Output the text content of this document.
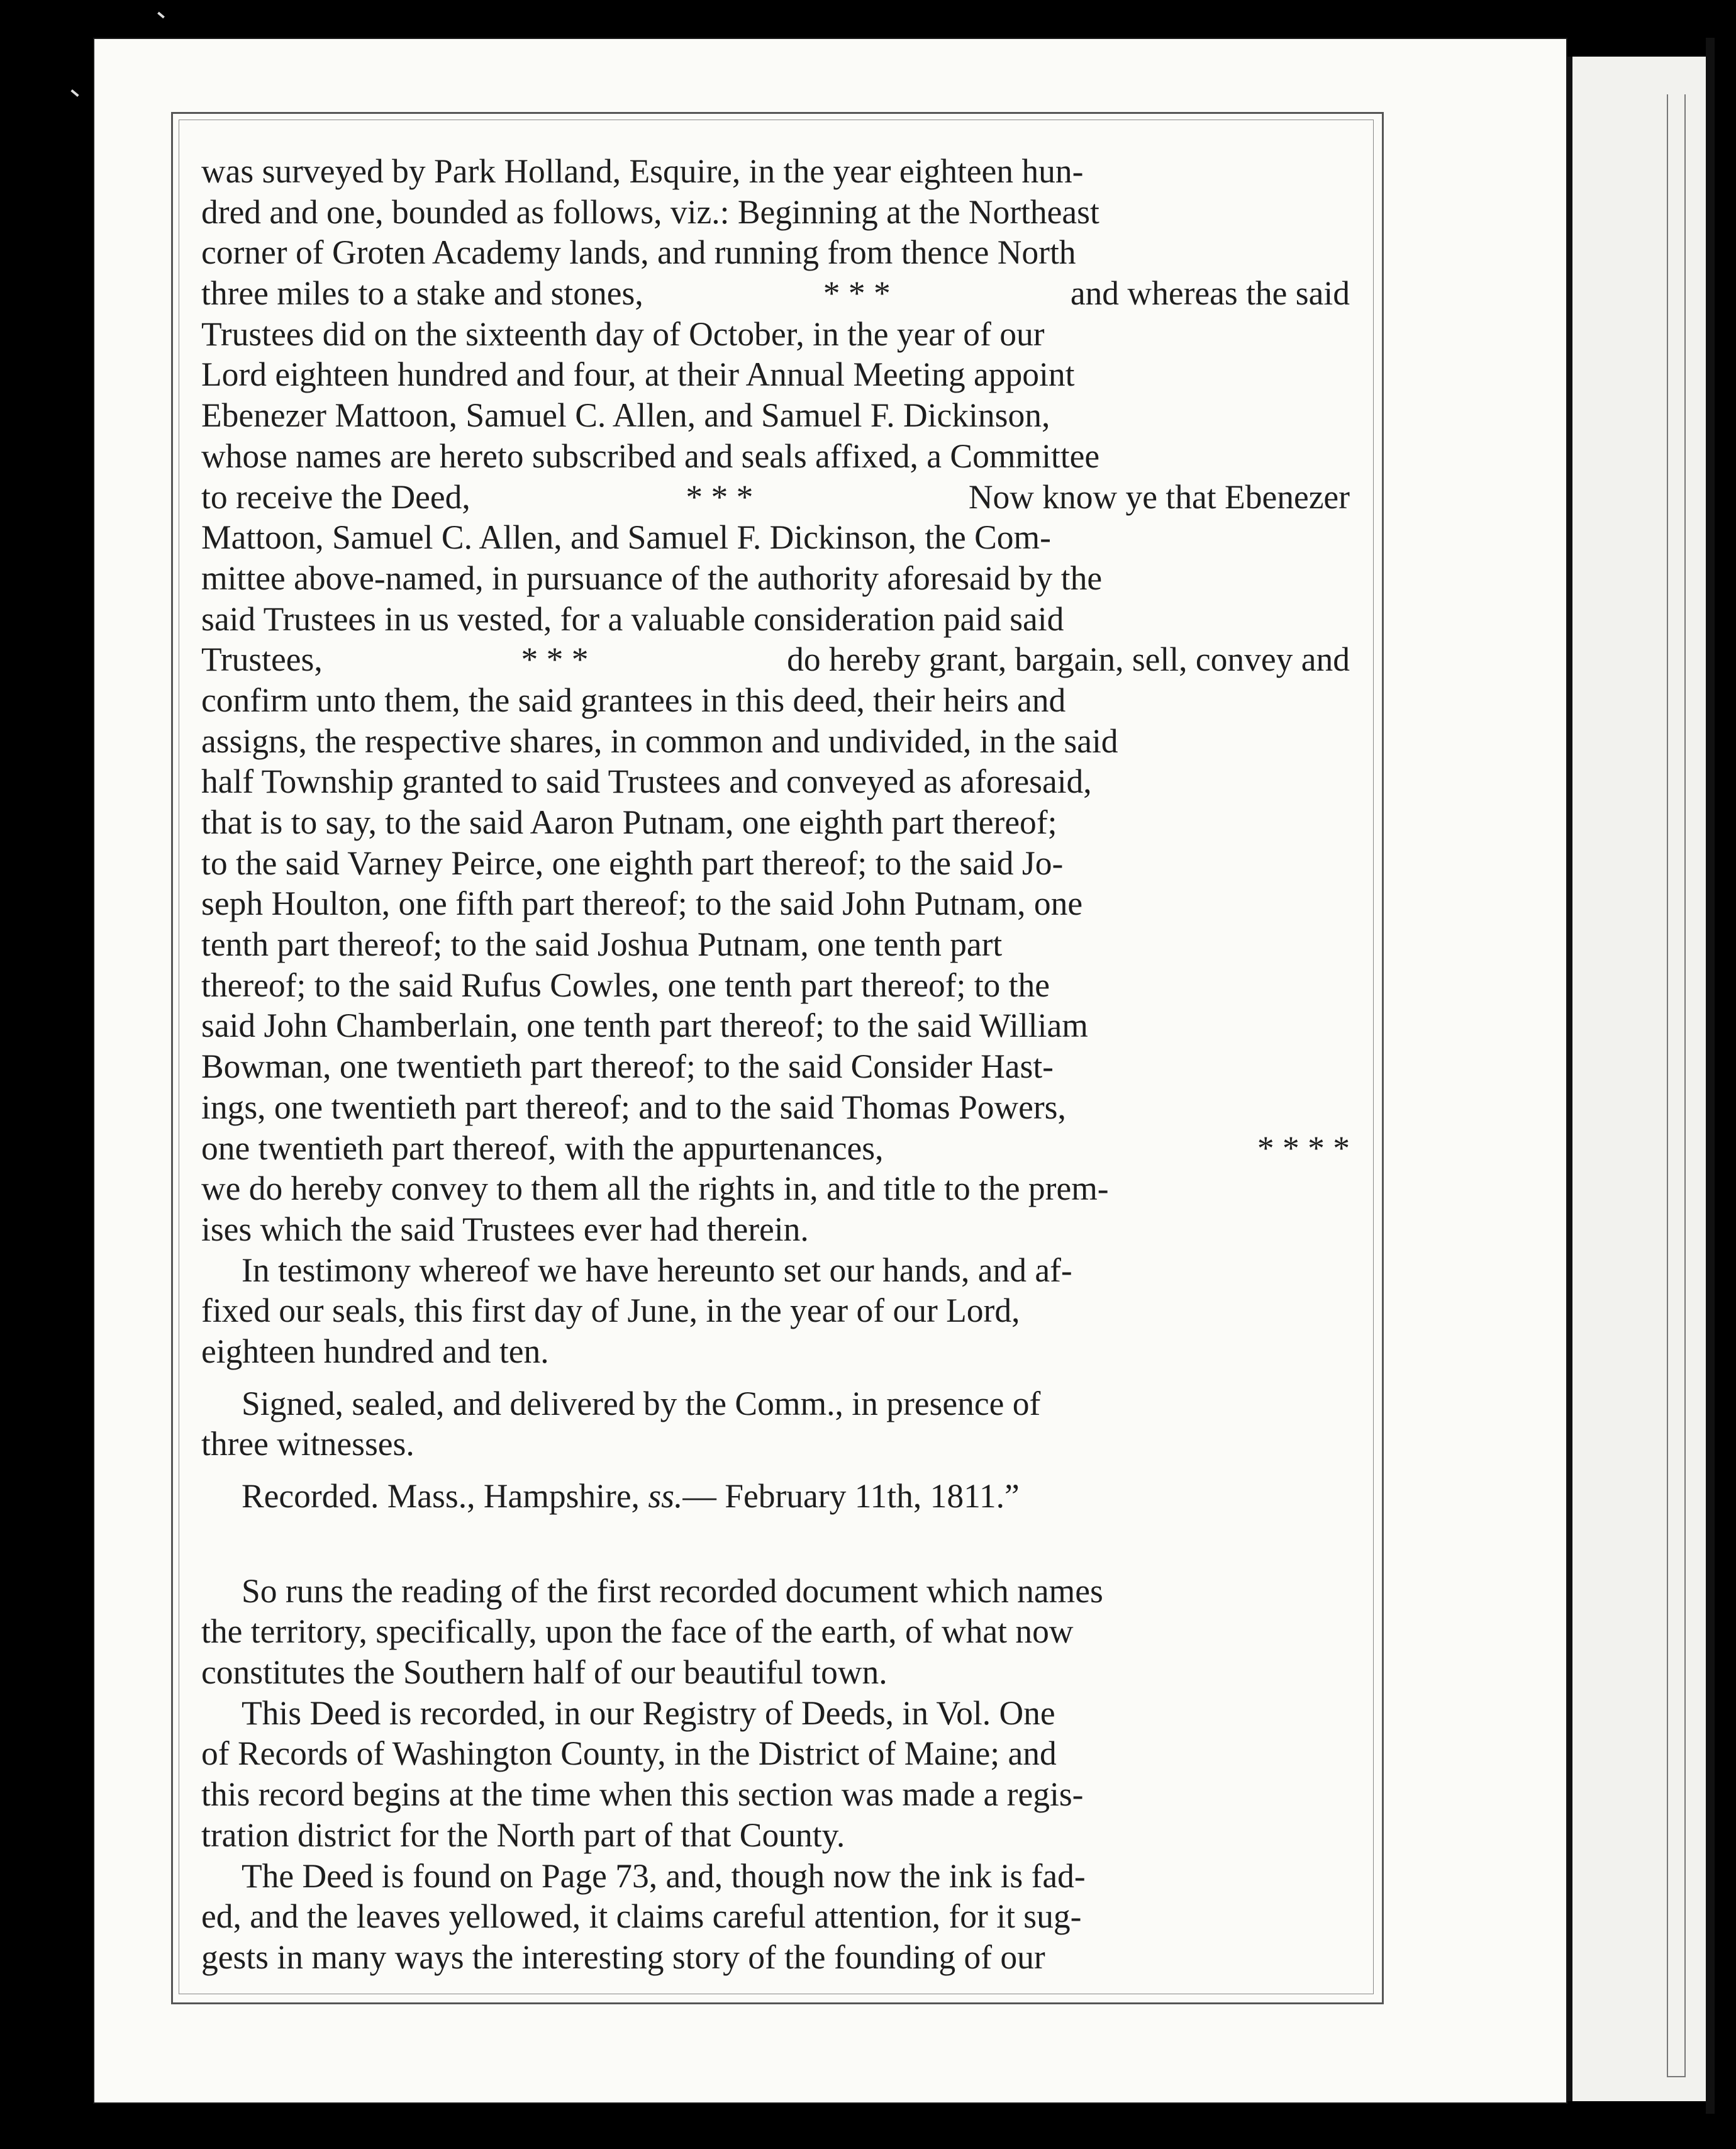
was surveyed by Park Holland, Esquire, in the year eighteen hun-
dred and one, bounded as follows, viz.: Beginning at the Northeast
corner of Groten Academy lands, and running from thence North
three miles to a stake and stones,	* * *	and whereas the said
Trustees did on the sixteenth day of October, in the year of our
Lord eighteen hundred and four, at their Annual Meeting appoint
Ebenezer Mattoon, Samuel C. Allen, and Samuel F. Dickinson,
whose names are hereto subscribed and seals affixed, a Committee
to receive the Deed,	* * *	Now know ye that Ebenezer
Mattoon, Samuel C. Allen, and Samuel F. Dickinson, the Com-
mittee above-named, in pursuance of the authority aforesaid by the
said Trustees in us vested, for a valuable consideration paid said
Trustees,	* * *	do hereby grant, bargain, sell, convey and
confirm unto them, the said grantees in this deed, their heirs and
assigns, the respective shares, in common and undivided, in the said
half Township granted to said Trustees and conveyed as aforesaid,
that is to say, to the said Aaron Putnam, one eighth part thereof;
to the said Varney Peirce, one eighth part thereof; to the said Jo-
seph Houlton, one fifth part thereof; to the said John Putnam, one
tenth part thereof; to the said Joshua Putnam, one tenth part
thereof; to the said Rufus Cowles, one tenth part thereof; to the
said John Chamberlain, one tenth part thereof; to the said William
Bowman, one twentieth part thereof; to the said Consider Hast-
ings, one twentieth part thereof; and to the said Thomas Powers,
one twentieth part thereof, with the appurtenances,	* * * *
we do hereby convey to them all the rights in, and title to the prem-
ises which the said Trustees ever had therein.
In testimony whereof we have hereunto set our hands, and af-
fixed our seals, this first day of June, in the year of our Lord,
eighteen hundred and ten.
Signed, sealed, and delivered by the Comm., in presence of
three witnesses.
Recorded. Mass., Hampshire,
ss. — February 11th, 1811.”
So runs the reading of the first recorded document which names
the territory, specifically, upon the face of the earth, of what now
constitutes the Southern half of our beautiful town.
This Deed is recorded, in our Registry of Deeds, in Vol. One
of Records of Washington County, in the District of Maine; and
this record begins at the time when this section was made a regis-
tration district for the North part of that County.
The Deed is found on Page 73, and, though now the ink is fad-
ed, and the leaves yellowed, it claims careful attention, for it sug-
gests in many ways the interesting story of the founding of our
